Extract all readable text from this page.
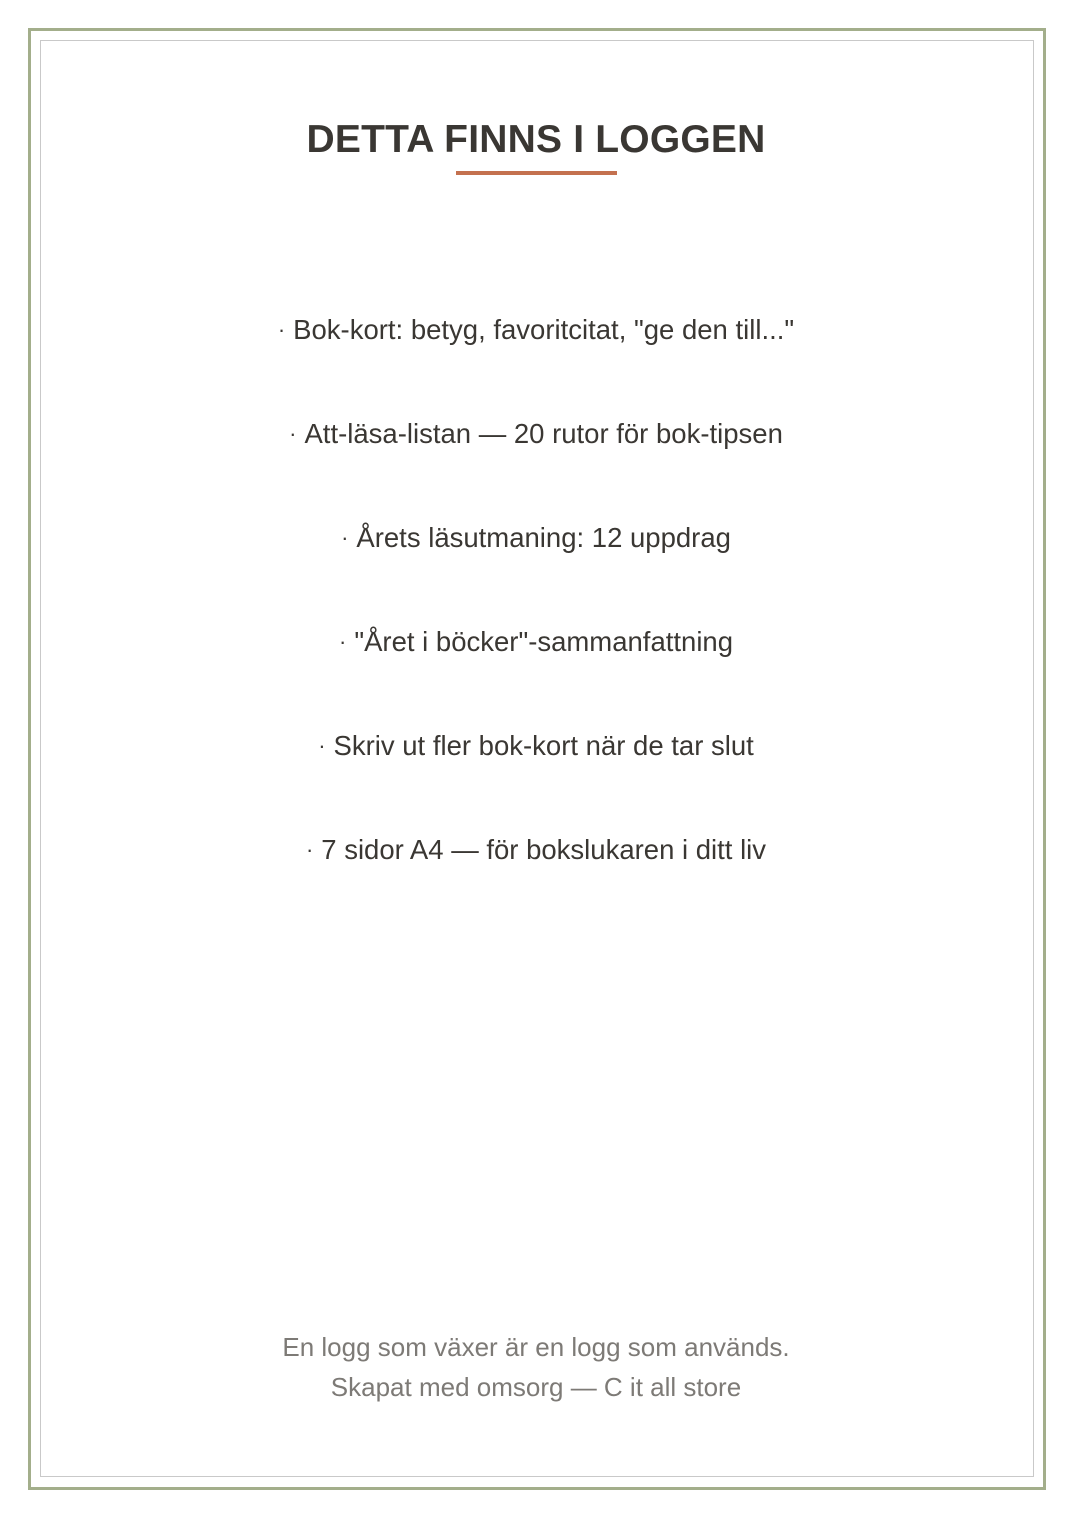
DETTA FINNS I LOGGEN
· Bok-kort: betyg, favoritcitat, "ge den till..."
· Att-läsa-listan — 20 rutor för bok-tipsen
· Årets läsutmaning: 12 uppdrag
· "Året i böcker"-sammanfattning
· Skriv ut fler bok-kort när de tar slut
· 7 sidor A4 — för bokslukaren i ditt liv
En logg som växer är en logg som används.
Skapat med omsorg — C it all store
